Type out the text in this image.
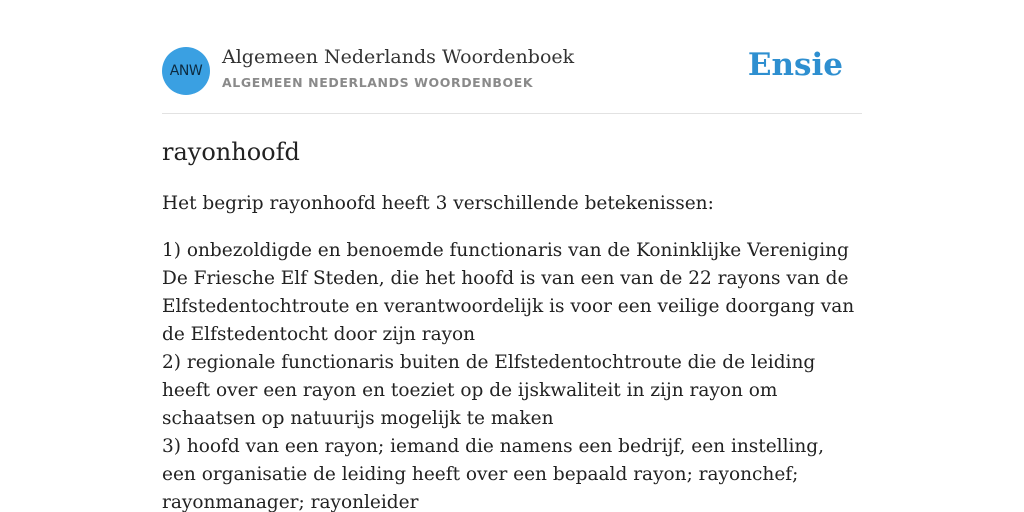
ANW
Algemeen Nederlands Woordenboek
ALGEMEEN NEDERLANDS WOORDENBOEK	Ensie
rayonhoofd

Het begrip rayonhoofd heeft 3 verschillende betekenissen:

1) onbezoldigde en benoemde functionaris van de Koninklijke Vereniging De Friesche Elf Steden, die het hoofd is van een van de 22 rayons van de Elfstedentochtroute en verantwoordelijk is voor een veilige doorgang van de Elfstedentocht door zijn rayon

2) regionale functionaris buiten de Elfstedentochtroute die de leiding heeft over een rayon en toeziet op de ijskwaliteit in zijn rayon om schaatsen op natuurijs mogelijk te maken

3) hoofd van een rayon; iemand die namens een bedrijf, een instelling, een organisatie de leiding heeft over een bepaald rayon; rayonchef; rayonmanager; rayonleider
